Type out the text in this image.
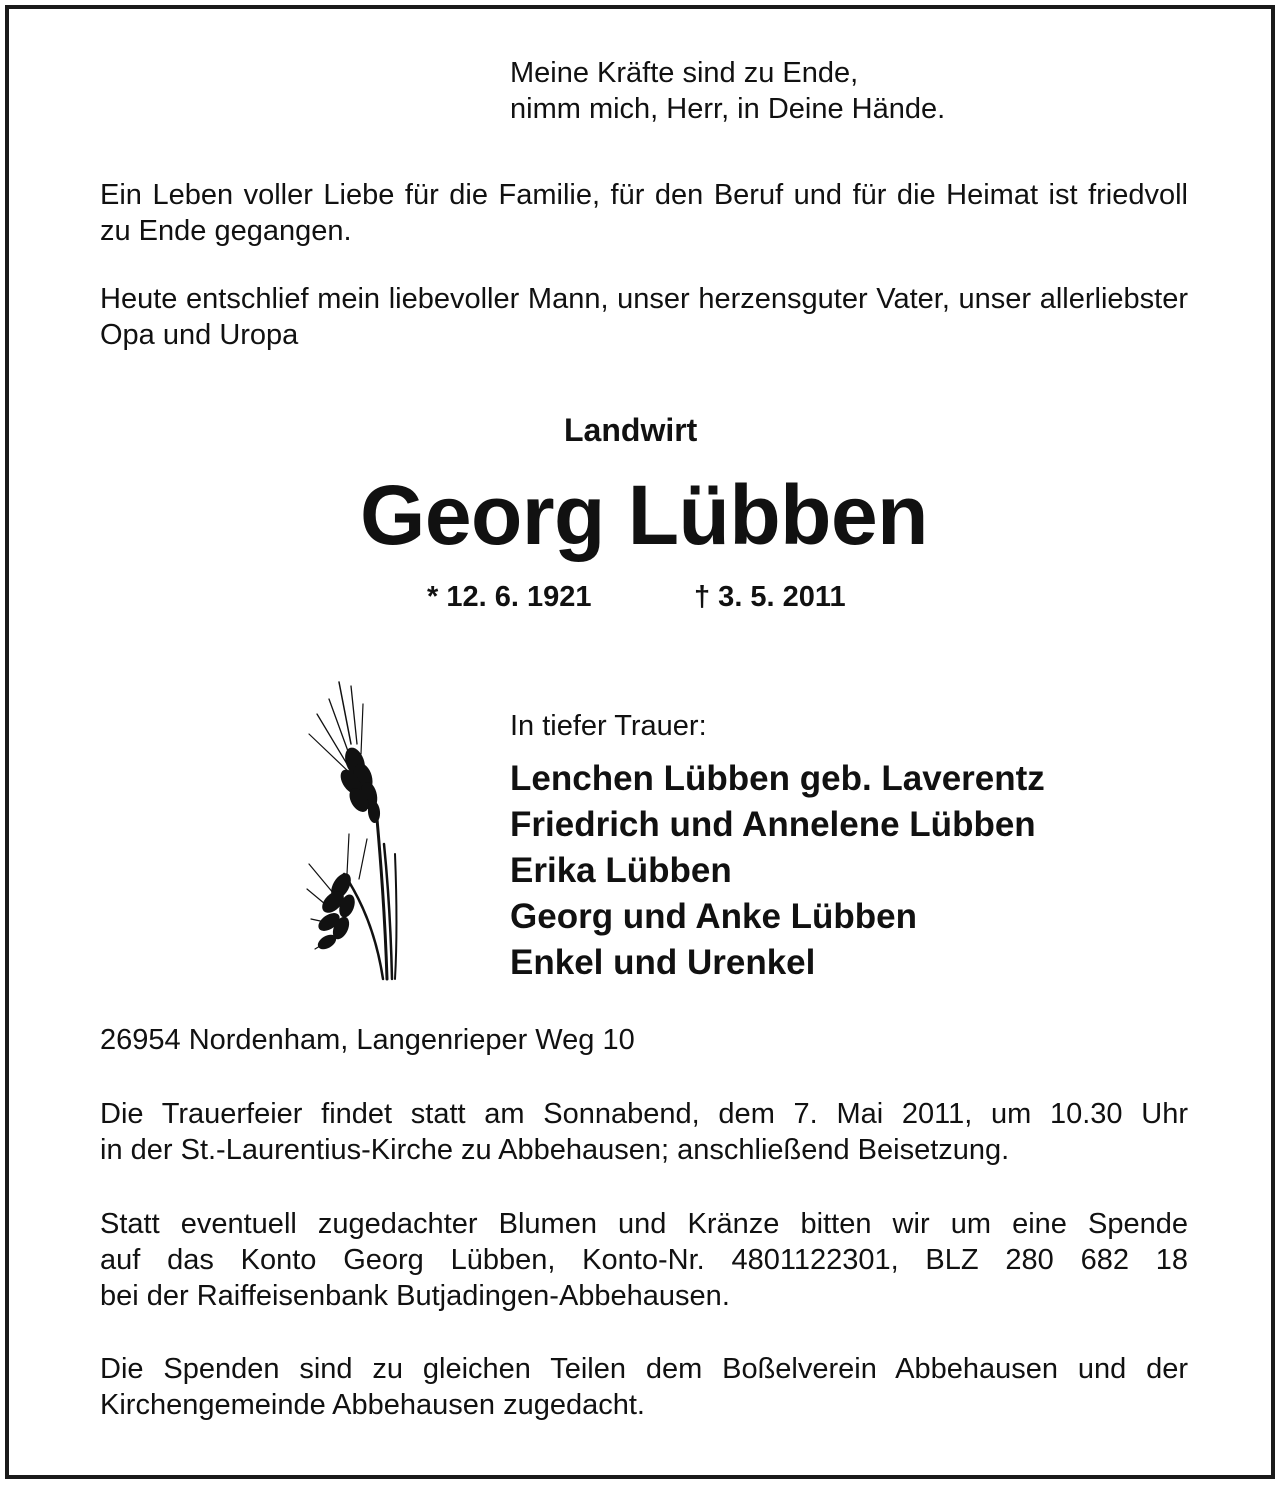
Meine Kräfte sind zu Ende,
nimm mich, Herr, in Deine Hände.
Ein Leben voller Liebe für die Familie, für den Beruf und für die Heimat ist friedvoll zu Ende gegangen.
Heute entschlief mein liebevoller Mann, unser herzensguter Vater, unser allerliebster Opa und Uropa
Landwirt
Georg Lübben
* 12. 6. 1921	† 3. 5. 2011
In tiefer Trauer:
Lenchen Lübben geb. Laverentz
Friedrich und Annelene Lübben
Erika Lübben
Georg und Anke Lübben
Enkel und Urenkel
26954 Nordenham, Langenrieper Weg 10
Die Trauerfeier findet statt am Sonnabend, dem 7. Mai 2011, um 10.30 Uhr
in der St.-Laurentius-Kirche zu Abbehausen; anschließend Beisetzung.
Statt eventuell zugedachter Blumen und Kränze bitten wir um eine Spende
auf das Konto Georg Lübben, Konto-Nr. 4801122301, BLZ 280 682 18
bei der Raiffeisenbank Butjadingen-Abbehausen.
Die Spenden sind zu gleichen Teilen dem Boßelverein Abbehausen und der
Kirchengemeinde Abbehausen zugedacht.
